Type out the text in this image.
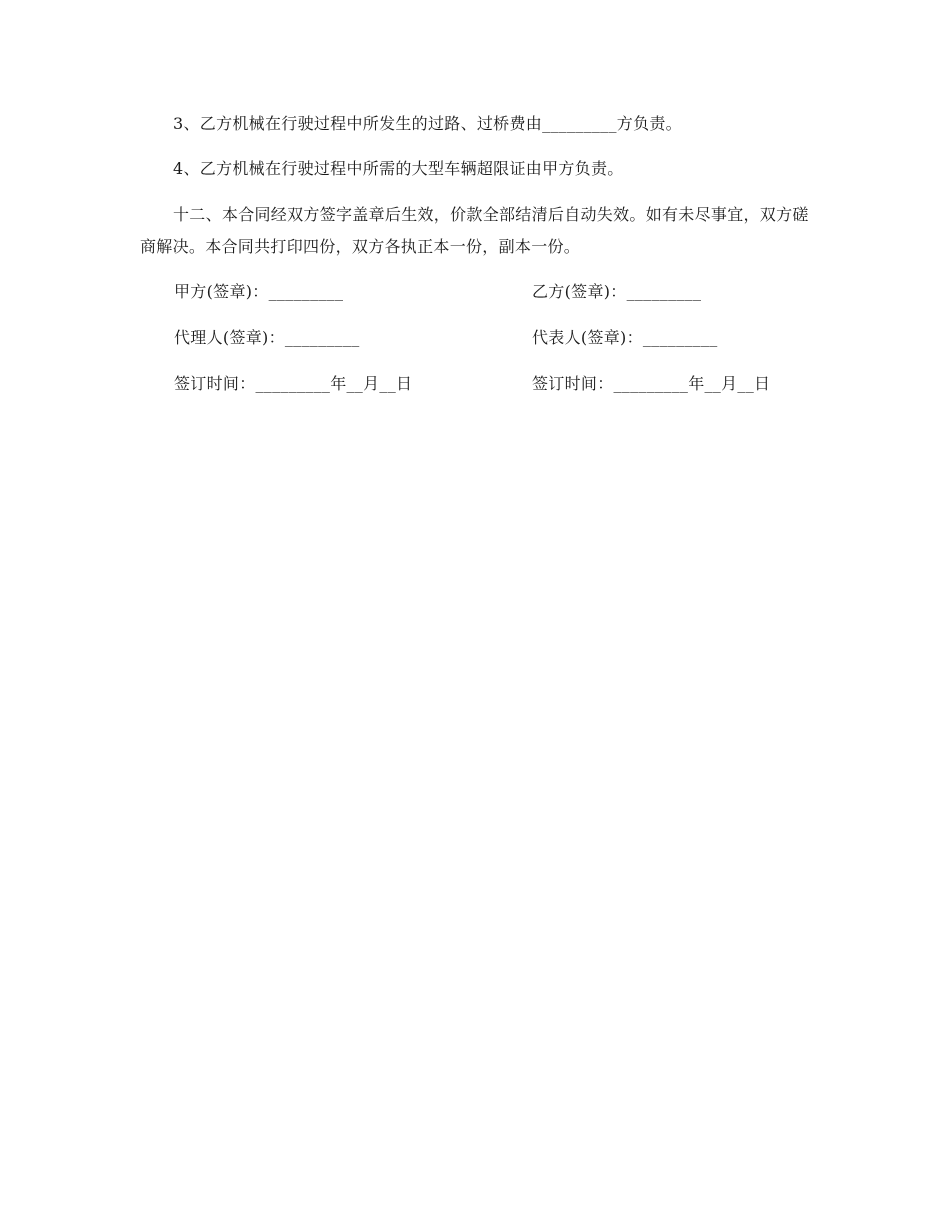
3、乙方机械在行驶过程中所发生的过路、过桥费由_________方负责。

4、乙方机械在行驶过程中所需的大型车辆超限证由甲方负责。

十二、本合同经双方签字盖章后生效，价款全部结清后自动失效。如有未尽事宜，双方磋商解决。本合同共打印四份，双方各执正本一份，副本一份。

甲方(签章)：_________	乙方(签章)：_________
代理人(签章)：_________	代表人(签章)：_________
签订时间：_________年__月__日	签订时间：_________年__月__日
